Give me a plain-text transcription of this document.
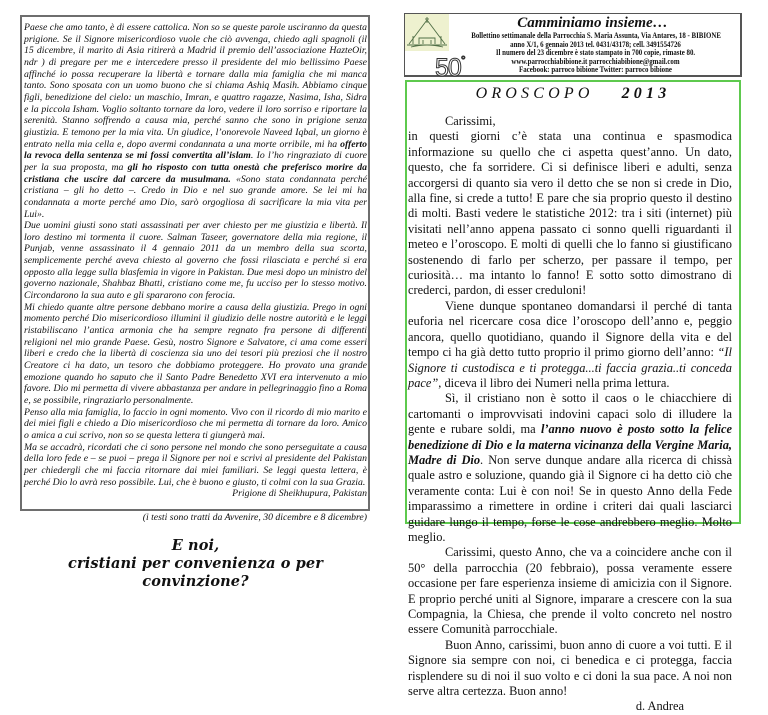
Paese che amo tanto, è di essere cattolica. Non so se queste parole usciranno da questa prigione. Se il Signore misericordioso vuole che ciò avvenga, chiedo agli spagnoli (il 15 dicembre, il marito di Asia ritirerà a Madrid il premio dell’associazione HazteOir, ndr ) di pregare per me e intercedere presso il presidente del mio bellissimo Paese affinché io possa recuperare la libertà e tornare dalla mia famiglia che mi manca tanto. Sono sposata con un uomo buono che si chiama Ashiq Masih. Abbiamo cinque figli, benedizione del cielo: un maschio, Imran, e quattro ragazze, Nasima, Isha, Sidra e la piccola Isham. Voglio soltanto tornare da loro, vedere il loro sorriso e riportare la serenità. Stanno soffrendo a causa mia, perché sanno che sono in prigione senza giustizia. E temono per la mia vita. Un giudice, l’onorevole Naveed Iqbal, un giorno è entrato nella mia cella e, dopo avermi condannata a una morte orribile, mi ha offerto la revoca della sentenza se mi fossi convertita all’islam. Io l’ho ringraziato di cuore per la sua proposta, ma gli ho risposto con tutta onestà che preferisco morire da cristiana che uscire dal carcere da musulmana. «Sono stata condannata perché cristiana – gli ho detto –. Credo in Dio e nel suo grande amore. Se lei mi ha condannata a morte perché amo Dio, sarò orgogliosa di sacrificare la mia vita per Lui».

Due uomini giusti sono stati assassinati per aver chiesto per me giustizia e libertà. Il loro destino mi tormenta il cuore. Salman Taseer, governatore della mia regione, il Punjab, venne assassinato il 4 gennaio 2011 da un membro della sua scorta, semplicemente perché aveva chiesto al governo che fossi rilasciata e perché si era opposto alla legge sulla blasfemia in vigore in Pakistan. Due mesi dopo un ministro del governo nazionale, Shahbaz Bhatti, cristiano come me, fu ucciso per lo stesso motivo. Circondarono la sua auto e gli spararono con ferocia.

Mi chiedo quante altre persone debbano morire a causa della giustizia. Prego in ogni momento perché Dio misericordioso illumini il giudizio delle nostre autorità e le leggi ristabiliscano l’antica armonia che ha sempre regnato fra persone di differenti religioni nel mio grande Paese. Gesù, nostro Signore e Salvatore, ci ama come esseri liberi e credo che la libertà di coscienza sia uno dei tesori più preziosi che il nostro Creatore ci ha dato, un tesoro che dobbiamo proteggere. Ho provato una grande emozione quando ho saputo che il Santo Padre Benedetto XVI era intervenuto a mio favore. Dio mi permetta di vivere abbastanza per andare in pellegrinaggio fino a Roma e, se possibile, ringraziarlo personalmente.

Penso alla mia famiglia, lo faccio in ogni momento. Vivo con il ricordo di mio marito e dei miei figli e chiedo a Dio misericordioso che mi permetta di tornare da loro. Amico o amica a cui scrivo, non so se questa lettera ti giungerà mai.

Ma se accadrà, ricordati che ci sono persone nel mondo che sono perseguitate a causa della loro fede e – se puoi – prega il Signore per noi e scrivi al presidente del Pakistan per chiedergli che mi faccia ritornare dai miei familiari. Se leggi questa lettera, è perché Dio lo avrà reso possibile. Lui, che è buono e giusto, ti colmi con la sua Grazia.

Prigione di Sheikhupura, Pakistan
(i testi sono tratti da Avvenire, 30 dicembre e 8 dicembre)
E noi,
cristiani per convenienza o per convinzione?
50°
Camminiamo insieme…
Bollettino settimanale della Parrocchia S. Maria Assunta, Via Antares, 18 - BIBIONE
anno X/1, 6 gennaio 2013 tel. 0431/43178; cell. 3491554726
Il numero del 23 dicembre è stato stampato in 700 copie, rimaste 80.
www.parrocchiabibione.it parrocchiabibione@gmail.com
Facebook: parroco bibione Twitter: parroco bibione
OROSCOPO 2013

Carissimi,

in questi giorni c’è stata una continua e spasmodica informazione su quello che ci aspetta quest’anno. Un dato, questo, che fa sorridere. Ci si definisce liberi e adulti, senza accorgersi di quanto sia vero il detto che se non si crede in Dio, alla fine, si crede a tutto! E pare che sia proprio questo il destino di molti. Basti vedere le statistiche 2012: tra i siti (internet) più visitati nell’anno appena passato ci sonno quelli riguardanti il meteo e l’oroscopo. E molti di quelli che lo fanno si giustificano sostenendo di farlo per scherzo, per passare il tempo, per curiosità… ma intanto lo fanno! E sotto sotto dimostrano di crederci, pardon, di esser creduloni!

Viene dunque spontaneo domandarsi il perché di tanta euforia nel ricercare cosa dice l’oroscopo dell’anno e, peggio ancora, quello quotidiano, quando il Signore della vita e del tempo ci ha già detto tutto proprio il primo giorno dell’anno: “Il Signore ti custodisca e ti protegga...ti faccia grazia..ti conceda pace”, diceva il libro dei Numeri nella prima lettura.

Sì, il cristiano non è sotto il caos o le chiacchiere di cartomanti o improvvisati indovini capaci solo di illudere la gente e rubare soldi, ma l’anno nuovo è posto sotto la felice benedizione di Dio e la materna vicinanza della Vergine Maria, Madre di Dio. Non serve dunque andare alla ricerca di chissà quale astro e soluzione, quando già il Signore ci ha detto ciò che veramente conta: Lui è con noi! Se in questo Anno della Fede imparassimo a rimettere in ordine i criteri dai quali lasciarci guidare lungo il tempo, forse le cose andrebbero meglio. Molto meglio.

Carissimi, questo Anno, che va a coincidere anche con il 50° della parrocchia (20 febbraio), possa veramente essere occasione per fare esperienza insieme di amicizia con il Signore. E proprio perché uniti al Signore, imparare a crescere con la sua Compagnia, la Chiesa, che prende il volto concreto nel nostro essere Comunità parrocchiale.

Buon Anno, carissimi, buon anno di cuore a voi tutti. E il Signore sia sempre con noi, ci benedica e ci protegga, faccia risplendere su di noi il suo volto e ci doni la sua pace. A noi non serve altra certezza. Buon anno!

d. Andrea
